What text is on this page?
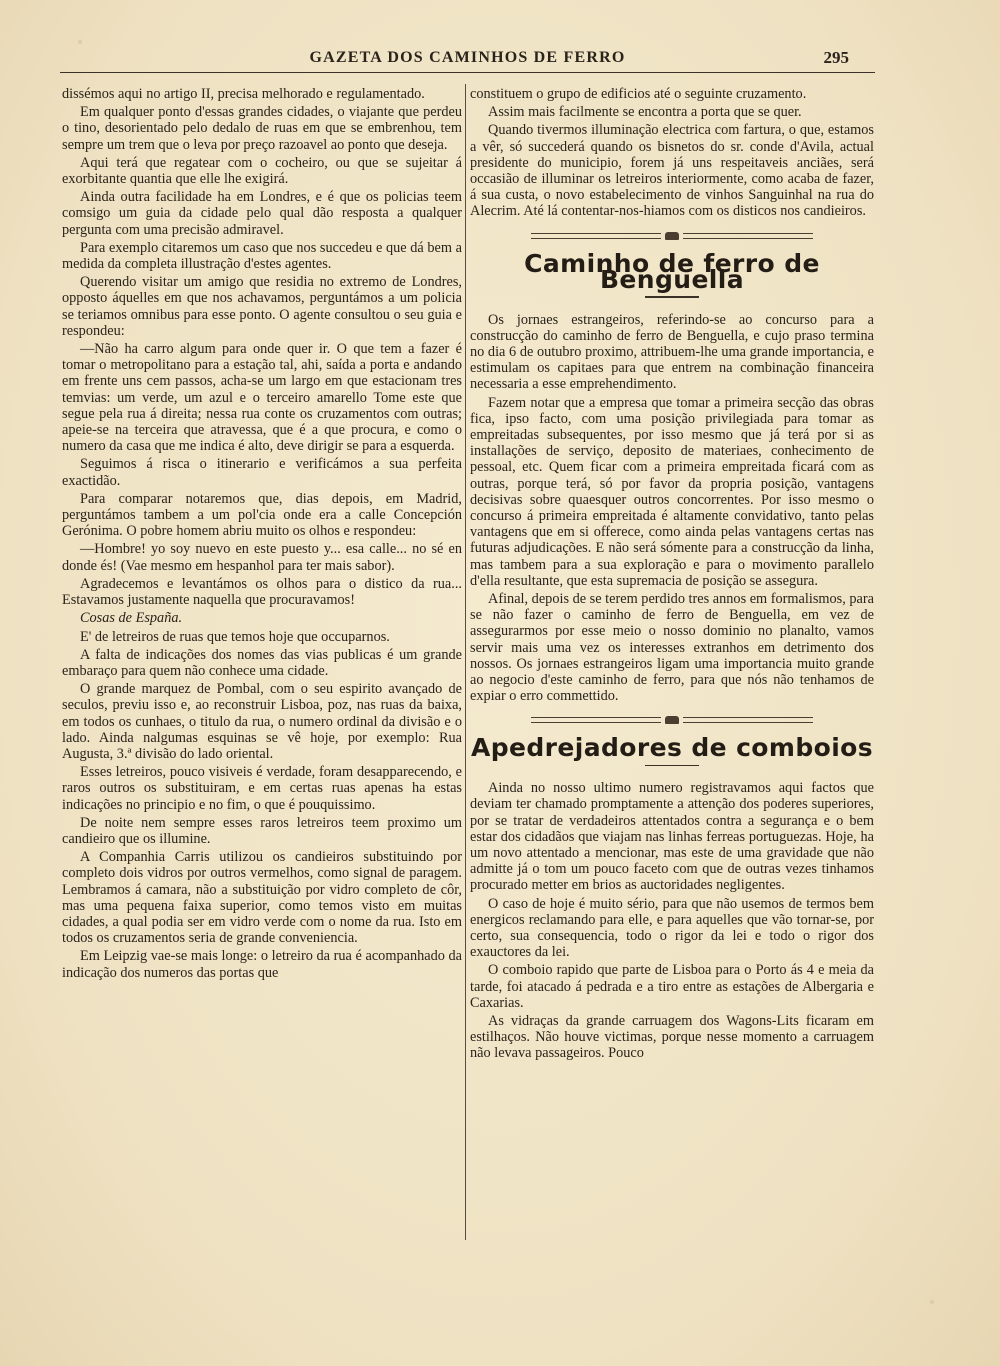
GAZETA DOS CAMINHOS DE FERRO	295

dissémos aqui no artigo II, precisa melhorado e regulamentado.

Em qualquer ponto d'essas grandes cidades, o viajante que perdeu o tino, desorientado pelo dedalo de ruas em que se embrenhou, tem sempre um trem que o leva por preço razoavel ao ponto que deseja.

Aqui terá que regatear com o cocheiro, ou que se sujeitar á exorbitante quantia que elle lhe exigirá.

Ainda outra facilidade ha em Londres, e é que os policias teem comsigo um guia da cidade pelo qual dão resposta a qualquer pergunta com uma precisão admiravel.

Para exemplo citaremos um caso que nos succedeu e que dá bem a medida da completa illustração d'estes agentes.

Querendo visitar um amigo que residia no extremo de Londres, opposto áquelles em que nos achavamos, perguntámos a um policia se teriamos omnibus para esse ponto. O agente consultou o seu guia e respondeu:

—Não ha carro algum para onde quer ir. O que tem a fazer é tomar o metropolitano para a estação tal, ahi, saída a porta e andando em frente uns cem passos, acha-se um largo em que estacionam tres temvias: um verde, um azul e o terceiro amarello Tome este que segue pela rua á direita; nessa rua conte os cruzamentos com outras; apeie-se na terceira que atravessa, que é a que procura, e como o numero da casa que me indica é alto, deve dirigir se para a esquerda.

Seguimos á risca o itinerario e verificámos a sua perfeita exactidão.

Para comparar notaremos que, dias depois, em Madrid, perguntámos tambem a um pol'cia onde era a calle Concepción Gerónima. O pobre homem abriu muito os olhos e respondeu:

—Hombre! yo soy nuevo en este puesto y... esa calle... no sé en donde és! (Vae mesmo em hespanhol para ter mais sabor).

Agradecemos e levantámos os olhos para o distico da rua... Estavamos justamente naquella que procuravamos!

Cosas de España.

E' de letreiros de ruas que temos hoje que occuparnos.

A falta de indicações dos nomes das vias publicas é um grande embaraço para quem não conhece uma cidade.

O grande marquez de Pombal, com o seu espirito avançado de seculos, previu isso e, ao reconstruir Lisboa, poz, nas ruas da baixa, em todos os cunhaes, o titulo da rua, o numero ordinal da divisão e o lado. Ainda nalgumas esquinas se vê hoje, por exemplo: Rua Augusta, 3.ª divisão do lado oriental.

Esses letreiros, pouco visiveis é verdade, foram desapparecendo, e raros outros os substituiram, e em certas ruas apenas ha estas indicações no principio e no fim, o que é pouquissimo.

De noite nem sempre esses raros letreiros teem proximo um candieiro que os illumine.

A Companhia Carris utilizou os candieiros substituindo por completo dois vidros por outros vermelhos, como signal de paragem. Lembramos á camara, não a substituição por vidro completo de côr, mas uma pequena faixa superior, como temos visto em muitas cidades, a qual podia ser em vidro verde com o nome da rua. Isto em todos os cruzamentos seria de grande conveniencia.

Em Leipzig vae-se mais longe: o letreiro da rua é acompanhado da indicação dos numeros das portas que

constituem o grupo de edificios até o seguinte cruzamento.

Assim mais facilmente se encontra a porta que se quer.

Quando tivermos illuminação electrica com fartura, o que, estamos a vêr, só succederá quando os bisnetos do sr. conde d'Avila, actual presidente do municipio, forem já uns respeitaveis anciães, será occasião de illuminar os letreiros interiormente, como acaba de fazer, á sua custa, o novo estabelecimento de vinhos Sanguinhal na rua do Alecrim. Até lá contentar-nos-hiamos com os disticos nos candieiros.

Caminho de ferro de Benguella

Os jornaes estrangeiros, referindo-se ao concurso para a construcção do caminho de ferro de Benguella, e cujo praso termina no dia 6 de outubro proximo, attribuem-lhe uma grande importancia, e estimulam os capitaes para que entrem na combinação financeira necessaria a esse emprehendimento.

Fazem notar que a empresa que tomar a primeira secção das obras fica, ipso facto, com uma posição privilegiada para tomar as empreitadas subsequentes, por isso mesmo que já terá por si as installações de serviço, deposito de materiaes, conhecimento de pessoal, etc. Quem ficar com a primeira empreitada ficará com as outras, porque terá, só por favor da propria posição, vantagens decisivas sobre quaesquer outros concorrentes. Por isso mesmo o concurso á primeira empreitada é altamente convidativo, tanto pelas vantagens que em si offerece, como ainda pelas vantagens certas nas futuras adjudicações. E não será sómente para a construcção da linha, mas tambem para a sua exploração e para o movimento parallelo d'ella resultante, que esta supremacia de posição se assegura.

Afinal, depois de se terem perdido tres annos em formalismos, para se não fazer o caminho de ferro de Benguella, em vez de assegurarmos por esse meio o nosso dominio no planalto, vamos servir mais uma vez os interesses extranhos em detrimento dos nossos. Os jornaes estrangeiros ligam uma importancia muito grande ao negocio d'este caminho de ferro, para que nós não tenhamos de expiar o erro commettido.

Apedrejadores de comboios

Ainda no nosso ultimo numero registravamos aqui factos que deviam ter chamado promptamente a attenção dos poderes superiores, por se tratar de verdadeiros attentados contra a segurança e o bem estar dos cidadãos que viajam nas linhas ferreas portuguezas. Hoje, ha um novo attentado a mencionar, mas este de uma gravidade que não admitte já o tom um pouco faceto com que de outras vezes tinhamos procurado metter em brios as auctoridades negligentes.

O caso de hoje é muito sério, para que não usemos de termos bem energicos reclamando para elle, e para aquelles que vão tornar-se, por certo, sua consequencia, todo o rigor da lei e todo o rigor dos exauctores da lei.

O comboio rapido que parte de Lisboa para o Porto ás 4 e meia da tarde, foi atacado á pedrada e a tiro entre as estações de Albergaria e Caxarias.

As vidraças da grande carruagem dos Wagons-Lits ficaram em estilhaços. Não houve victimas, porque nesse momento a carruagem não levava passageiros. Pouco
